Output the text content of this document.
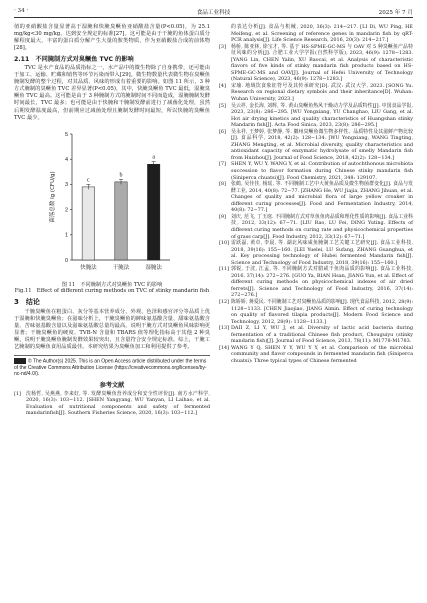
· 34 ·	食品工业科技	2025 年 7 月

值的亚硝酸盐含量显著高于湿腌和快腌臭鳜鱼亚硝酸盐含量(P<0.05)，为 25.1 mg/kg<30 mg/kg，达到安全规定的标准[27]。这可能是由于干腌的鱼体蛋白质分解程度最大，丰富的蛋白质分解产生大量的胺类物质，作为亚硝酸盐合成的前体物[28]。

2.11　不同腌制方式对臭鳜鱼 TVC 的影响

TVC 是水产食品的品质指标之一，水产品中的微生物除了自身携带，还可能由于加工、运输、贮藏和销售等环节污染而带入[29]。微生物数量代表微生物在臭鳜鱼腌制发酵的整个过程，对其品质、风味的形成有着重要的影响。如图 11 所示，3 种方式腌制的臭鳜鱼 TVC 差异显著(P<0.05)，其中，快腌臭鳜鱼 TVC 最低，湿腌臭鳜鱼 TVC 最高。这可能是由于 3 种腌制方式的腌制时间不同而造成，湿腌腌制发酵时间最长，TVC 最多；也可能是由于快腌和干腌制发酵前进行了减菌化处理，虽然后期发酵温度最高，但前期应过减菌处理且腌制发酵时间最短，所以快腌的臭鳜鱼TVC 最少。

0
1
2
3
4
5
菌落总数 lg (CFU/g)	c
快腌法
b
干腌法
a
湿腌法
图 11　不同腌制方式对臭鳜鱼 TVC 的影响
Fig.11　Effect of different curing methods on TVC of stinky mandarin fish
3　结论

干腌臭鳜鱼在粗蛋白、灰分等基本营养成分、外观、色泽和感官评分等品质上优于湿腌和快腌臭鳜鱼；在滋味分析上，干腌臭鳜鱼的鲜味氨基酸含量、甜味氨基酸含量、苦味氨基酸含量以及滋味氨基酸总量均最高，说明干腌方式对臭鳜鱼风味影响更显著；干腌臭鳜鱼的硬度、TVB-N 含量和 TBARS 值等理化指标高于其他 2 种臭鳜，说明干腌臭鳜鱼腌制发酵效果较突出，且含量符合安全规定标准。综上，干腌工艺腌制的臭鳜鱼食用品质最佳。本研究结果为臭鳜鱼加工和利用提供了参考。

© The Author(s) 2025. This is an Open Access article distributed under the terms of the Creative Commons Attribution License (https://creativecommons.org/licenses/by-nc-nd/4.0/).
参考文献
[1]	沈杨哲, 吴燕燕, 李来好, 等. 发酵臭鳜鱼营养成分和安全性评价[J]. 南方水产科学, 2020, 16(3): 103−112. [SHEN Yangyang, WU Yanyan, LI Laihao, et al. Evaluation of nutritional components and safety of fermented mandarinfish[J]. Southern Fisheries Science, 2020, 16(3): 103−112.]
的表达分析[J]. 食品与机械, 2020, 36(3): 214−217. [LI Di, WU Ping, HE Meifeng, et al. Screening of reference genes in mandarin fish by qRT-PCR analysis[J]. Life Science Research, 2016, 20(3): 214−217.]
[3]	杨桥, 陈亚林, 徐宝才, 等. 基于 HS-SPME-GC-MS 与 OAV 对 5 种臭鳜鱼产品特征风味的分析[J]. 合肥工业大学学报(自然科学版), 2023, 46(9): 1278−1283. [YANG Lin, CHEN Yalin, XU Baocai, et al. Analysis of characteristic flavors of five kinds of stinky mandarin fish products based on HS-SPME-GC-MS and OAV[J]. Journal of Hefei University of Technology (Natural Science), 2023, 46(9): 1278−1283.]
[4]	宋瑜. 地域饮食象征符号及其传承研究[D]. 武汉: 武汉大学, 2023. [SONG Yu. Research on regional dietary symbols and their inheritance[D]. Wuhan: Wuhan University, 2023.]
[5]	吴云祥, 金长海, 刘辉, 等. 黄山臭鳜鱼热风干燥动力学及品质特性[J]. 中国食品学报, 2023, 23(8): 286−295. [WU Yongxiang, YU Changhao, LIU Gang, et al. Hot air drying kinetics and quality characteristics of Huangshan stinky Mandarin fish[J]. Acta Food Sinica, 2023, 23(8): 286−295.]
[6]	吴永祥, 王梦婷, 张梦静, 等. 徽州臭鳜鱼微生物多样性、品质特性及其滋鲜产物比较[J]. 食品科学, 2018, 42(2): 128−134. [WU Yongxiang, WANG Tingting, ZHANG Mengting, et al. Microbial diversity, quality characteristics and antioxidant capacity of enzymatic hydrolysate of smelly Mandarin fish from Huizhou[J]. Journal of Food Science, 2018, 42(2): 128−134.]
[7]	SHEN Y, WU Y, WANG Y, et al. Contribution of autochthonous microbiota succession to flavor formation during Chinese stinky mandarin fish (Siniperca chuatsi)[J]. Food Chemistry, 2021, 348: 129107.
[8]	张鹤, 吴佳佳, 杨瑶, 等. 不同腌制工艺中大黄鱼品质及微生物菌群变化[J]. 食品与发酵工业, 2014, 40(8): 72−77. [ZHANG He, WU Jiajia, ZHANG Jihuan, et al. Changes of quality and microbial flora of large yellow croaker in different curing processes[J]. Food and Fermentation Industry, 2014, 40(8): 72−77.]
[9]	刘庆, 范飞, 丁玉庭. 不同腌制方式对草鱼鱼肉品质和理化性质的影响[J]. 食品工业科技, 2012, 33(12): 67−71. [LIU Rao, LU Fei, DING Yuting. Effects of different curing methods on curing rate and physicochemical properties of grass carp[J]. Food Industry, 2012, 33(12): 67−71.]
[10] 雷跃磊, 黄卓, 李晨, 等. 湖北风味咸鱼腌制工艺关键工艺研究[J]. 食品工业科技, 2018, 39(16): 155−160. [LEI Yuelei, LU Sufang, ZHANG Guanghua, et al. Key processing technology of Hubei fermented Mandarin fish[J]. Science and Technology of Food Industry, 2018, 39(16): 155−160.]
[11] 郭锐, 于沈, 江孟, 等. 不同腌制方式对腊咸干鱼肉品质的影响[J]. 食品工业科技, 2016, 37(14): 272−276. [GUO Ya, BIAN Hsan, JIANG Yun, et al. Effect of different curing methods on physicochemical indexes of air dried ferrets[J]. Science and Technology of Food Industry, 2016, 37(14): 272−276.]
[12] 陈娇娇, 蒋爱民. 不同腌制工艺对臭鳜鱼品质的影响[J]. 现代食品科技, 2012, 28(9): 1128−1133. [CHEN Jiaojiao, JIANG Aimin. Effect of curing technology on quality of flavored tilapia products[J]. Modern Food Science and Technology, 2012, 28(9): 1128−1133.]
[13] DAII Z, LI Y, WU J, et al. Diversity of lactic acid bacteria during fermentation of a traditional Chinese fish product, Chouguiyu (stinky mandarin fish)[J]. Journal of Food Science, 2013, 78(11): M1778-M1783.
[14] WANG Y Q, SHEN Y Y, WU Y Y, et al. Comparison of the microbial community and flavor compounds in fermented mandarin fish (Siniperca chuatsi): Three typical types of Chinese fermented
